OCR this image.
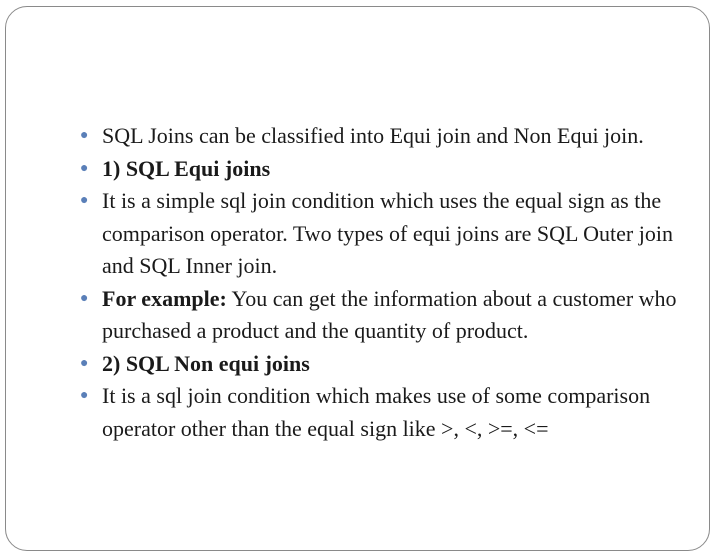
● SQL Joins can be classified into Equi join and Non Equi join.
● 1) SQL Equi joins
● It is a simple sql join condition which uses the equal sign as the comparison operator. Two types of equi joins are SQL Outer join and SQL Inner join.
● For example: You can get the information about a customer who purchased a product and the quantity of product.
● 2) SQL Non equi joins
● It is a sql join condition which makes use of some comparison operator other than the equal sign like >, <, >=, <=
